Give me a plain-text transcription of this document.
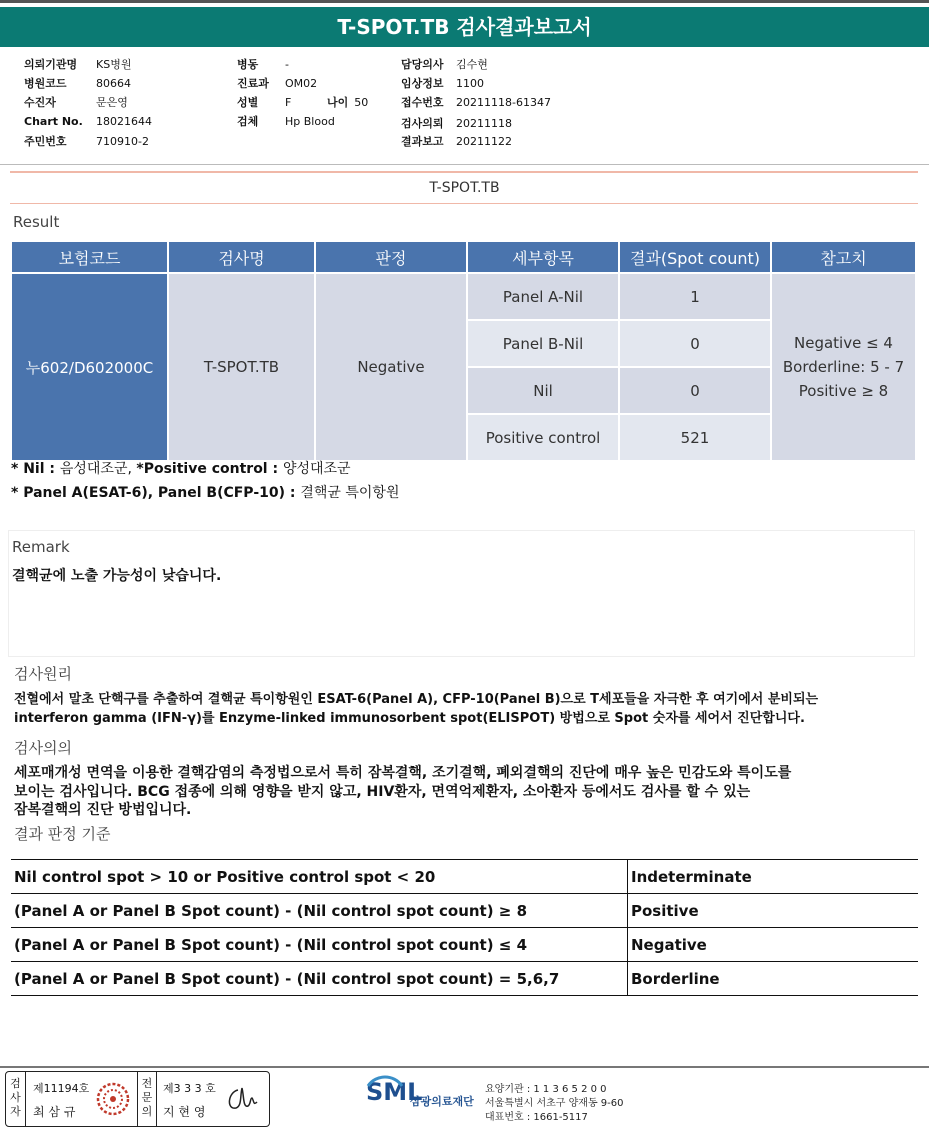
T-SPOT.TB 검사결과보고서
의뢰기관명 KS병원
병원코드	80664
수진자	문은영
Chart No. 18021644
주민번호	710910-2
병동 -
진료과 OM02
성별 F	나이 50
검체 Hp Blood
담당의사 김수현
임상정보 1100
접수번호 20211118-61347
검사의뢰 20211118
결과보고 20211122
T-SPOT.TB
Result
보험코드	검사명	판정	세부항목	결과(Spot count)	참고치
누602/D602000C	T-SPOT.TB	Negative	Panel A-Nil	1	Negative ≤ 4
Borderline: 5 - 7
Positive ≥ 8

			Panel B-Nil	0	
			Nil	0	
			Positive control	521	
* Nil : 음성대조군, *Positive control : 양성대조군
* Panel A(ESAT-6), Panel B(CFP-10) : 결핵균 특이항원
Remark
결핵균에 노출 가능성이 낮습니다.
검사원리
전혈에서 말초 단핵구를 추출하여 결핵균 특이항원인 ESAT-6(Panel A), CFP-10(Panel B)으로 T세포들을 자극한 후 여기에서 분비되는
interferon gamma (IFN-γ)를 Enzyme-linked immunosorbent spot(ELISPOT) 방법으로 Spot 숫자를 세어서 진단합니다.
검사의의
세포매개성 면역을 이용한 결핵감염의 측정법으로서 특히 잠복결핵, 조기결핵, 폐외결핵의 진단에 매우 높은 민감도와 특이도를
보이는 검사입니다. BCG 접종에 의해 영향을 받지 않고, HIV환자, 면역억제환자, 소아환자 등에서도 검사를 할 수 있는
잠복결핵의 진단 방법입니다.
결과 판정 기준
Nil control spot > 10 or Positive control spot < 20	Indeterminate
(Panel A or Panel B Spot count) - (Nil control spot count) ≥ 8	Positive
(Panel A or Panel B Spot count) - (Nil control spot count) ≤ 4	Negative
(Panel A or Panel B Spot count) - (Nil control spot count) = 5,6,7	Borderline
검
사
자
제11194호
최 삼 규
전
문
의
제3 3 3 호
지 현 영
SML
삼광의료재단
요양기관 : 1 1 3 6 5 2 0 0
서울특별시 서초구 양재동 9-60
대표번호 : 1661-5117
